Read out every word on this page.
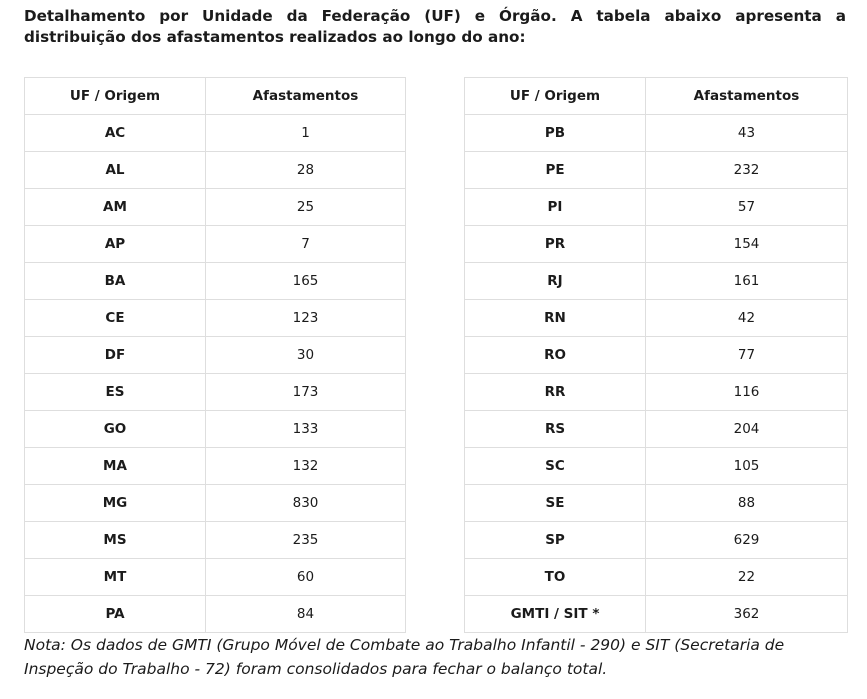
Detalhamento por Unidade da Federação (UF) e Órgão. A tabela abaixo apresenta a distribuição dos afastamentos realizados ao longo do ano:

UF / Origem	Afastamentos		UF / Origem	Afastamentos
AC	1		PB	43
AL	28		PE	232
AM	25		PI	57
AP	7		PR	154
BA	165		RJ	161
CE	123		RN	42
DF	30		RO	77
ES	173		RR	116
GO	133		RS	204
MA	132		SC	105
MG	830		SE	88
MS	235		SP	629
MT	60		TO	22
PA	84		GMTI / SIT *	362

Nota: Os dados de GMTI (Grupo Móvel de Combate ao Trabalho Infantil - 290) e SIT (Secretaria de Inspeção do Trabalho - 72) foram consolidados para fechar o balanço total.
